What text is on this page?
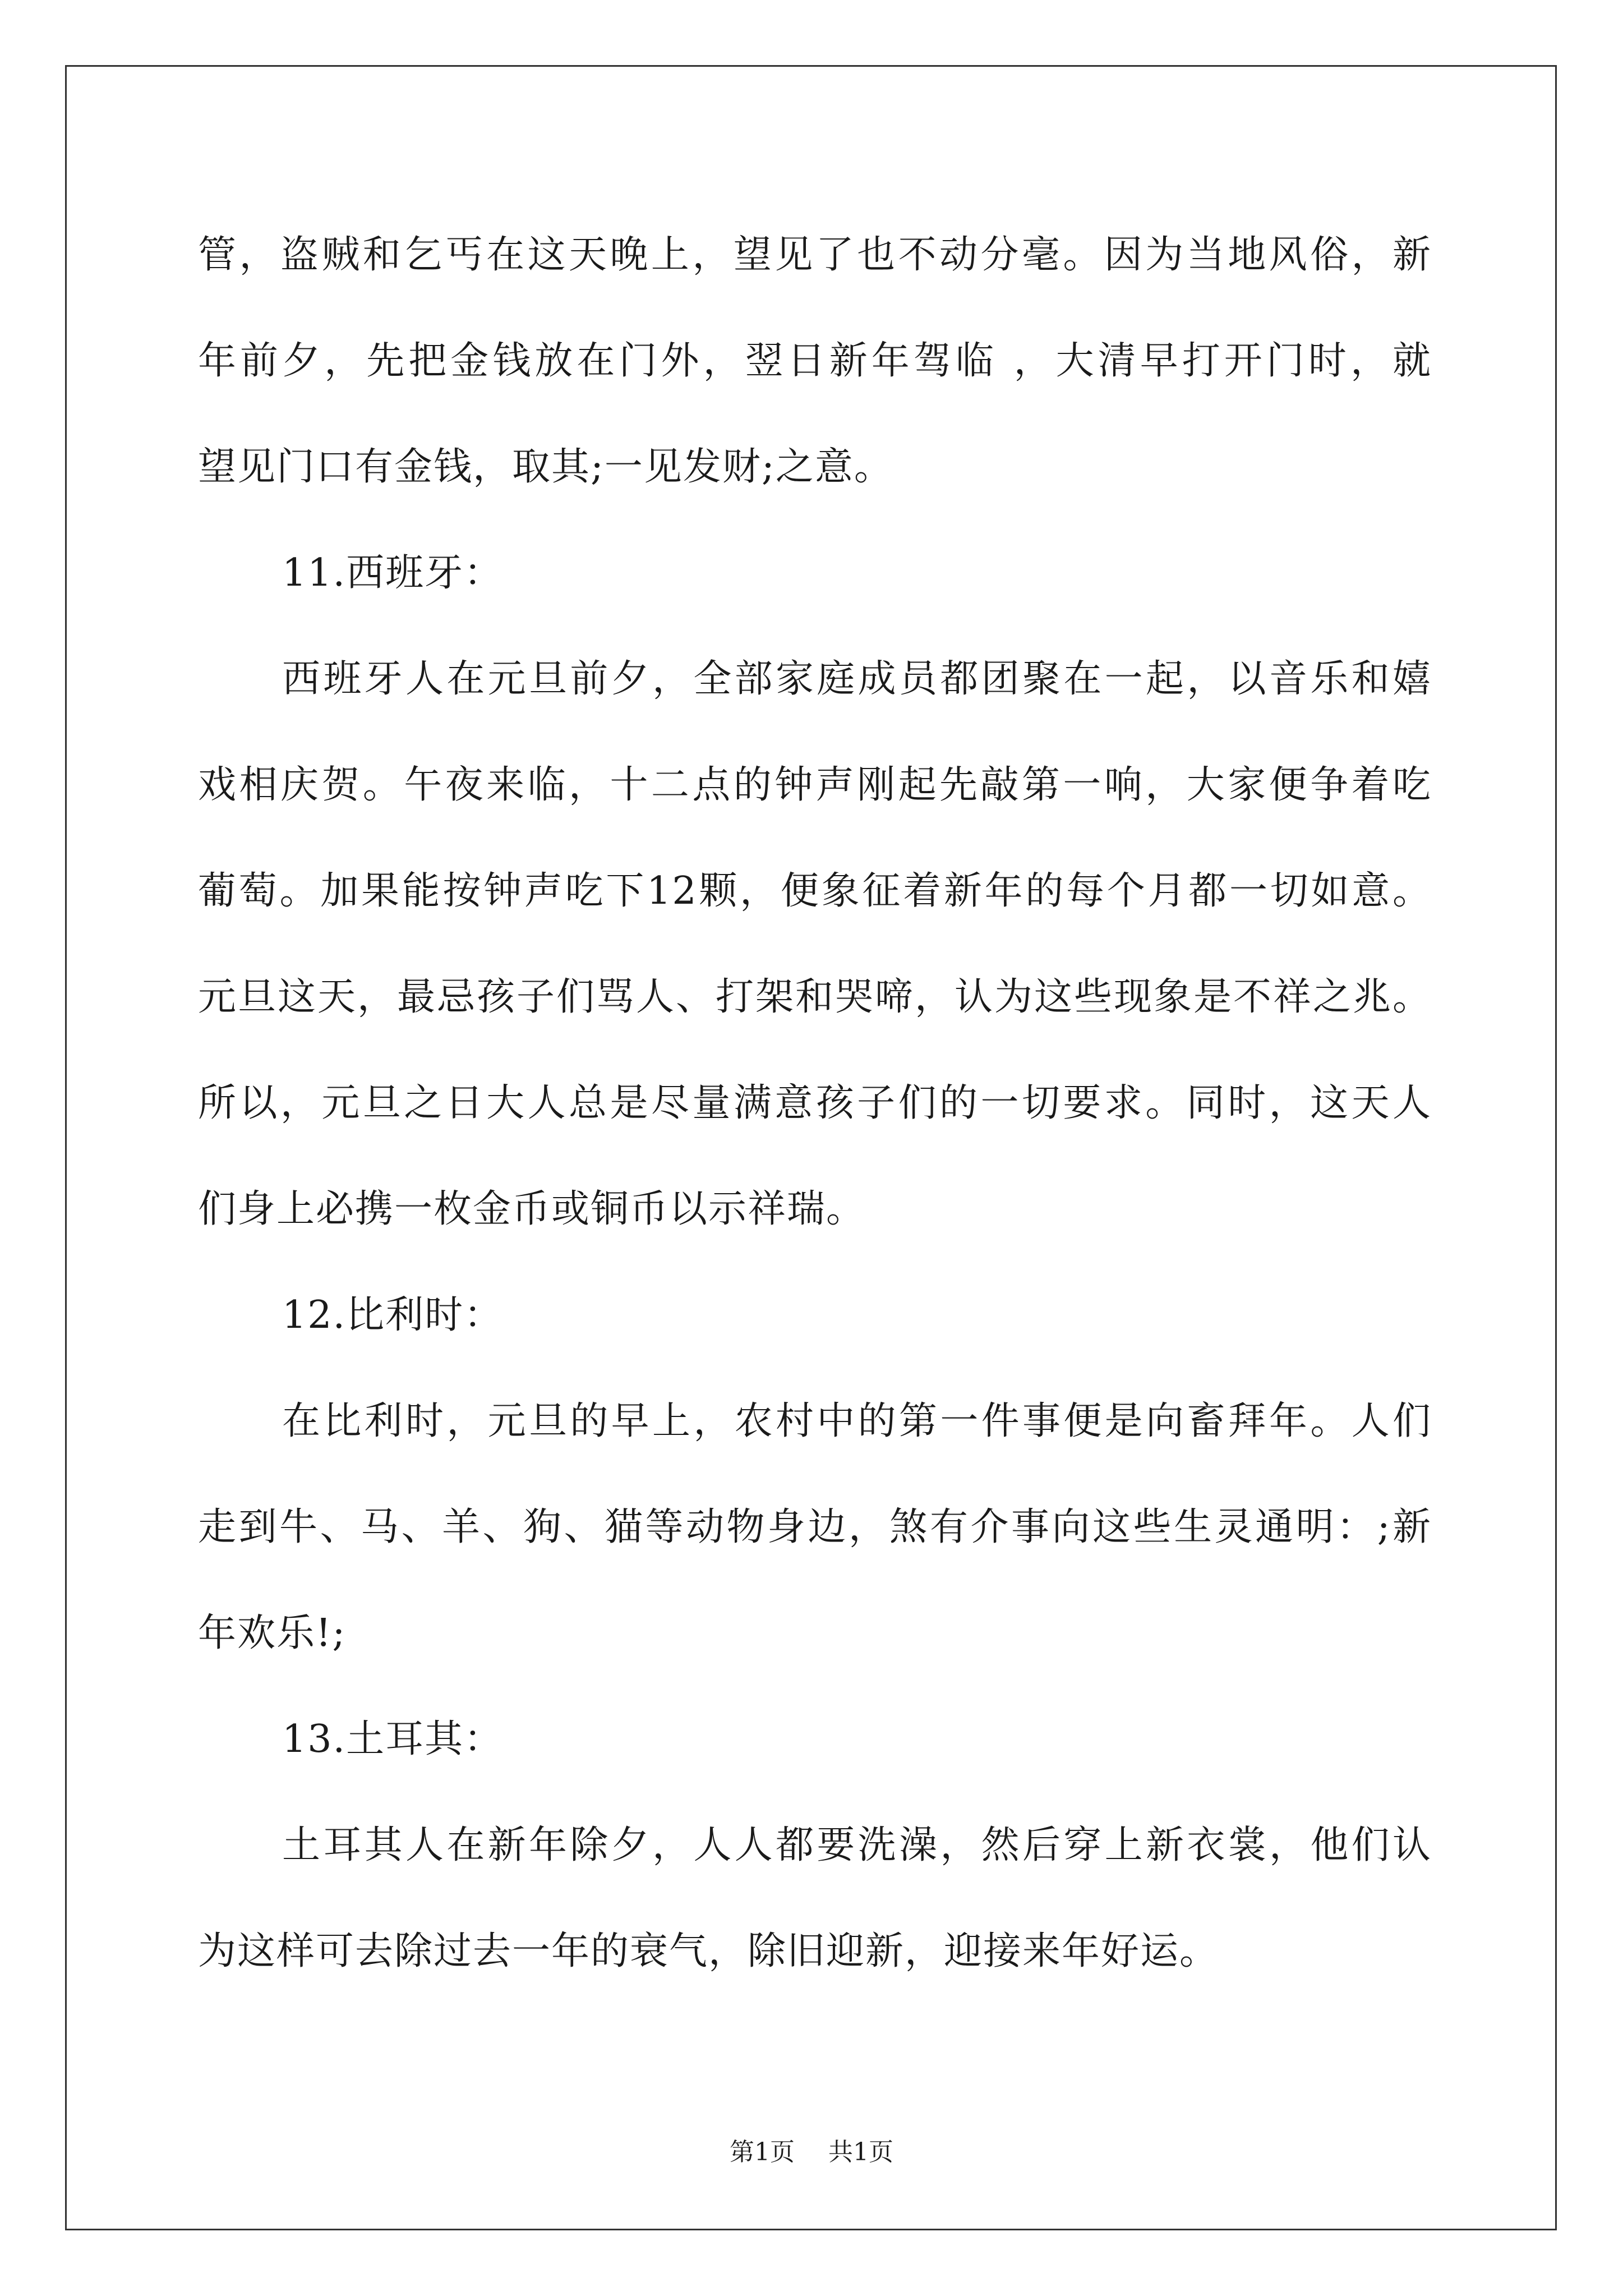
管，盗贼和乞丐在这天晚上，望见了也不动分毫。因为当地风俗，新
年前夕，先把金钱放在门外，翌日新年驾临 ，大清早打开门时，就
望见门口有金钱，取其;一见发财;之意。
11.西班牙：
西班牙人在元旦前夕，全部家庭成员都团聚在一起，以音乐和嬉
戏相庆贺。午夜来临，十二点的钟声刚起先敲第一响，大家便争着吃
葡萄。加果能按钟声吃下12颗，便象征着新年的每个月都一切如意。
元旦这天，最忌孩子们骂人、打架和哭啼，认为这些现象是不祥之兆。
所以，元旦之日大人总是尽量满意孩子们的一切要求。同时，这天人
们身上必携一枚金币或铜币以示祥瑞。
12.比利时：
在比利时，元旦的早上，农村中的第一件事便是向畜拜年。人们
走到牛、马、羊、狗、猫等动物身边，煞有介事向这些生灵通明：;新
年欢乐!;
13.土耳其：
土耳其人在新年除夕，人人都要洗澡，然后穿上新衣裳，他们认
为这样可去除过去一年的衰气，除旧迎新，迎接来年好运。
第1页 共1页
